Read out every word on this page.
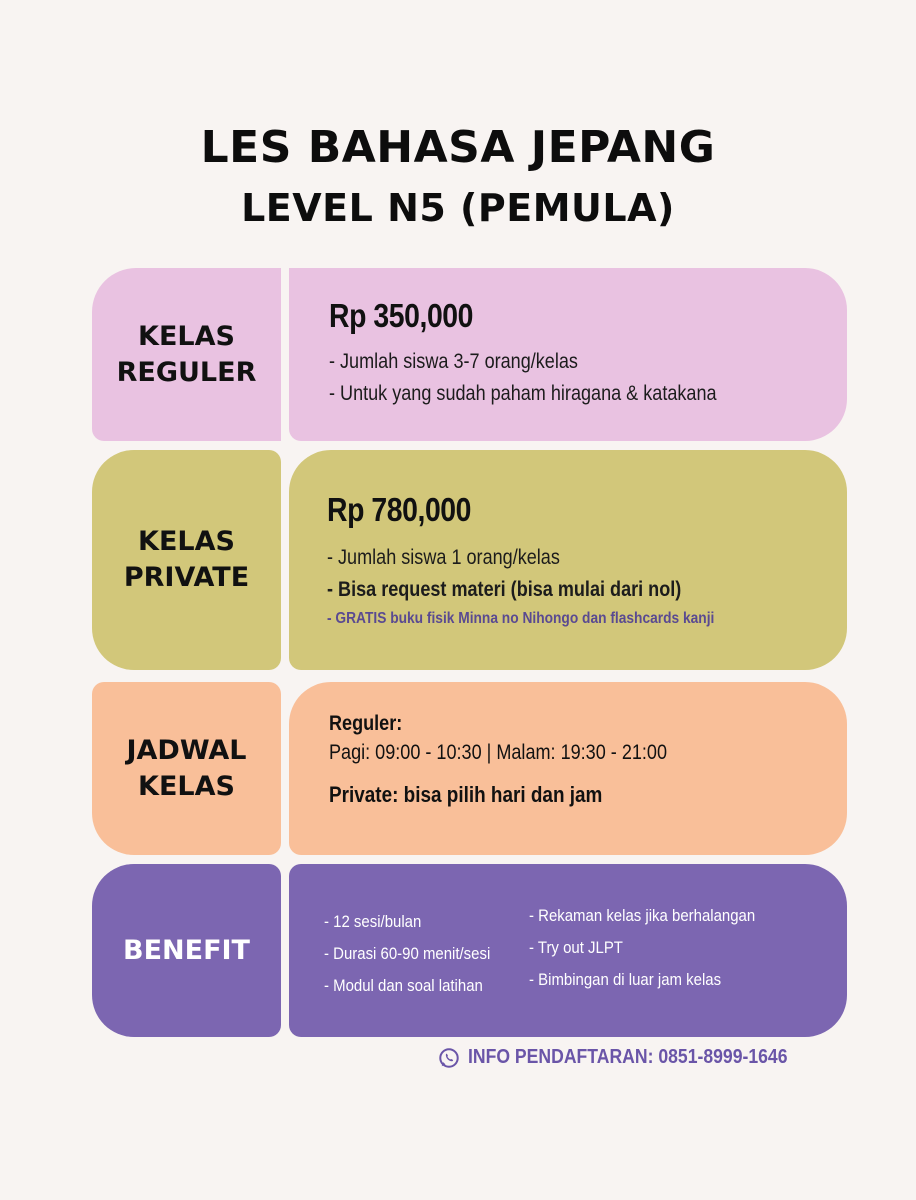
LES BAHASA JEPANG
LEVEL N5 (PEMULA)
KELAS
REGULER
Rp 350,000
- Jumlah siswa 3-7 orang/kelas
- Untuk yang sudah paham hiragana & katakana
KELAS
PRIVATE
Rp 780,000
- Jumlah siswa 1 orang/kelas
- Bisa request materi (bisa mulai dari nol)
- GRATIS buku fisik Minna no Nihongo dan flashcards kanji
JADWAL
KELAS
Reguler:
Pagi: 09:00 - 10:30 | Malam: 19:30 - 21:00
Private: bisa pilih hari dan jam
BENEFIT
- 12 sesi/bulan
- Durasi 60-90 menit/sesi
- Modul dan soal latihan
- Rekaman kelas jika berhalangan
- Try out JLPT
- Bimbingan di luar jam kelas
INFO PENDAFTARAN: 0851-8999-1646
